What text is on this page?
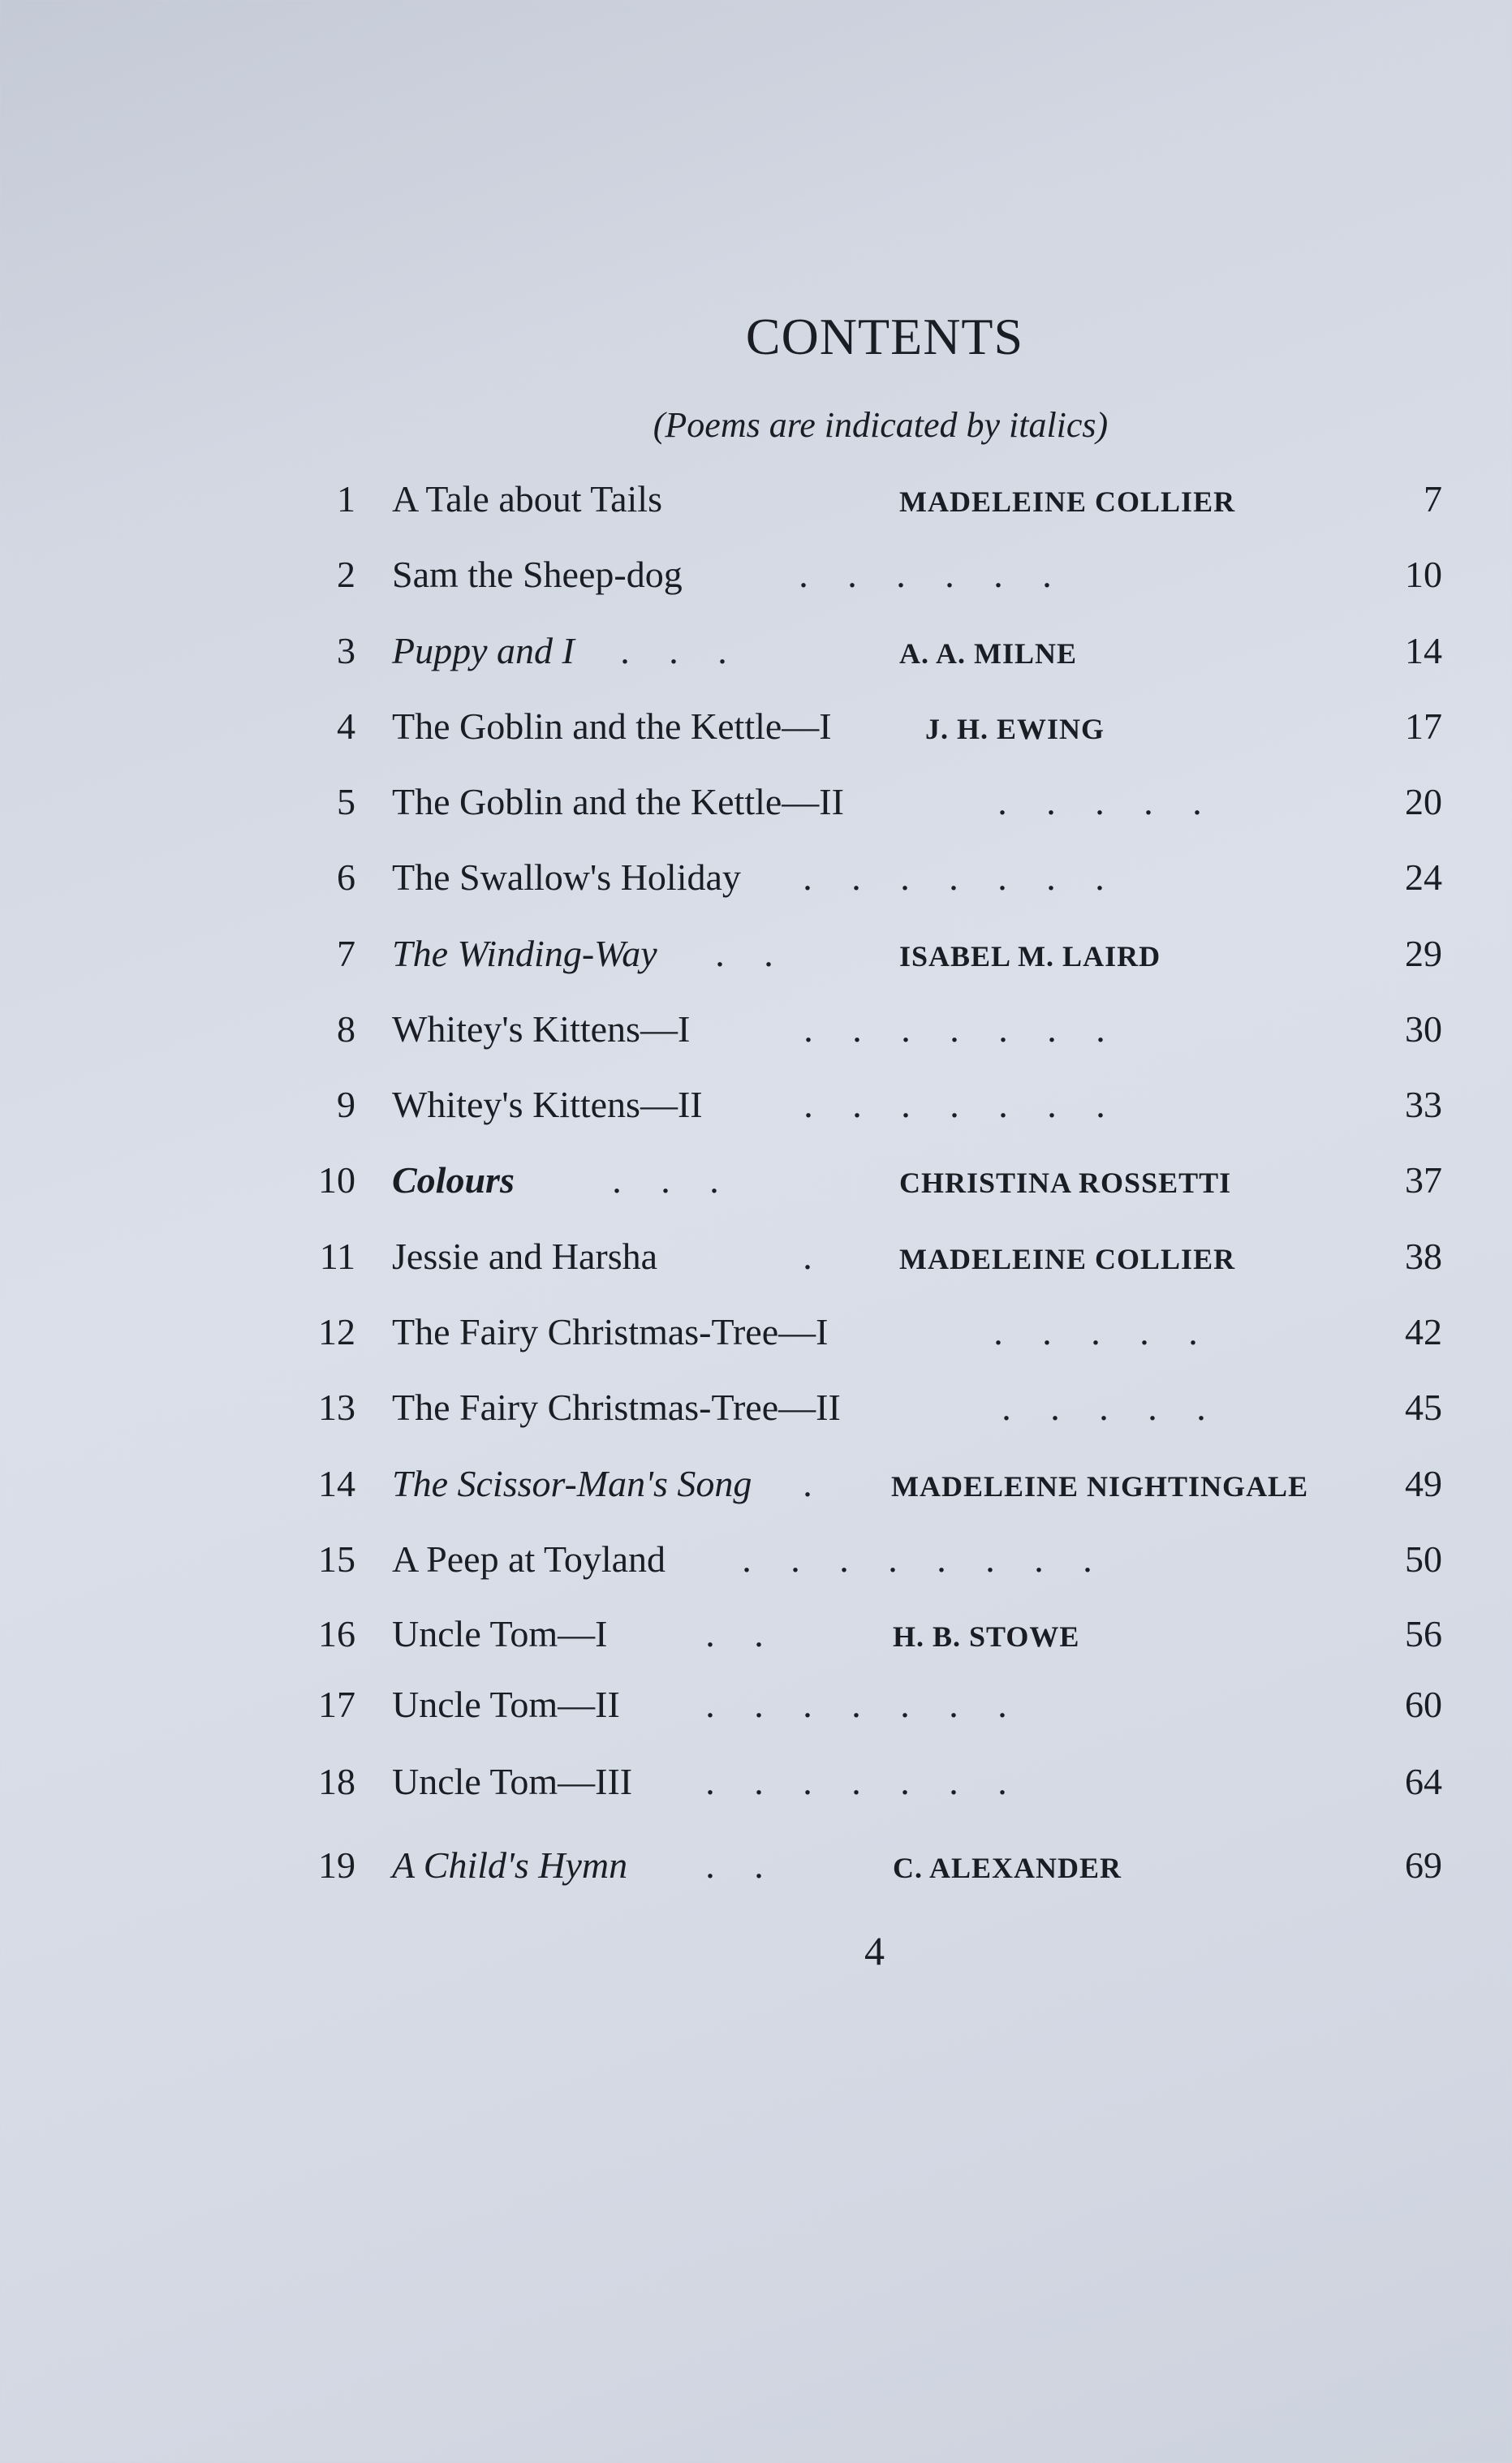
CONTENTS

(Poems are indicated by italics)

1 A Tale about Tails	MADELEINE COLLIER	7
2 Sam the Sheep-dog	. . . . . .	10
3 Puppy and I	. . .	A. A. MILNE	14
4 The Goblin and the Kettle—I	J. H. EWING	17
5 The Goblin and the Kettle—II	. . . . .	20
6 The Swallow's Holiday	. . . . . . .	24
7 The Winding-Way	. .	ISABEL M. LAIRD	29
8 Whitey's Kittens—I	. . . . . . .	30
9 Whitey's Kittens—II	. . . . . . .	33
10 Colours	. . .	CHRISTINA ROSSETTI	37
11 Jessie and Harsha	.	MADELEINE COLLIER	38
12 The Fairy Christmas-Tree—I	. . . . .	42
13 The Fairy Christmas-Tree—II	. . . . .	45
14 The Scissor-Man's Song	.	MADELEINE NIGHTINGALE	49
15 A Peep at Toyland	. . . . . . . .	50
16 Uncle Tom—I	. .	H. B. STOWE	56
17 Uncle Tom—II	. . . . . . .	60
18 Uncle Tom—III	. . . . . . .	64
19 A Child's Hymn	. .	C. ALEXANDER	69

4
